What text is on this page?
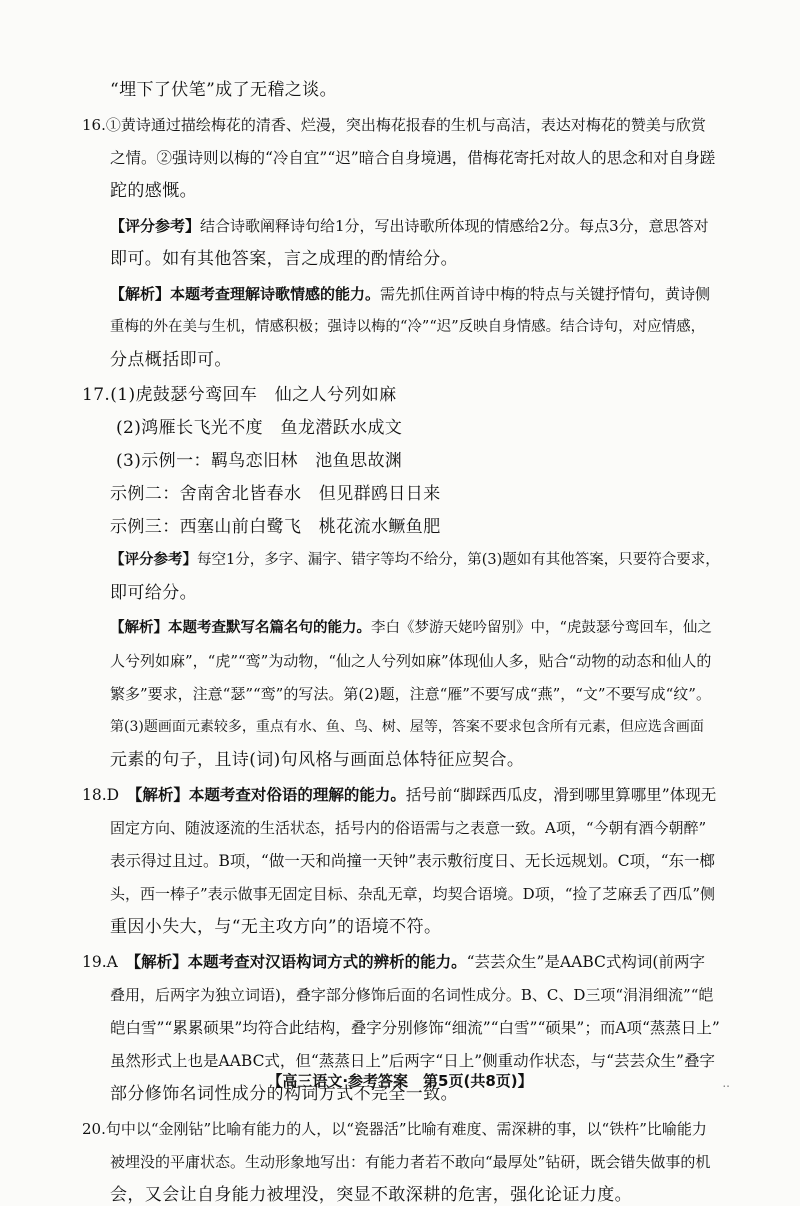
“埋下了伏笔”成了无稽之谈。

16.①黄诗通过描绘梅花的清香、烂漫，突出梅花报春的生机与高洁，表达对梅花的赞美与欣赏

之情。②强诗则以梅的“冷自宜”“迟”暗合自身境遇，借梅花寄托对故人的思念和对自身蹉

跎的感慨。

【评分参考】结合诗歌阐释诗句给1分，写出诗歌所体现的情感给2分。每点3分，意思答对

即可。如有其他答案，言之成理的酌情给分。

【解析】本题考查理解诗歌情感的能力。需先抓住两首诗中梅的特点与关键抒情句，黄诗侧

重梅的外在美与生机，情感积极；强诗以梅的“冷”“迟”反映自身情感。结合诗句，对应情感，

分点概括即可。

17.(1)虎鼓瑟兮鸾回车　仙之人兮列如麻

(2)鸿雁长飞光不度　鱼龙潜跃水成文

(3)示例一：羁鸟恋旧林　池鱼思故渊

示例二：舍南舍北皆春水　但见群鸥日日来

示例三：西塞山前白鹭飞　桃花流水鳜鱼肥

【评分参考】每空1分，多字、漏字、错字等均不给分，第(3)题如有其他答案，只要符合要求，

即可给分。

【解析】本题考查默写名篇名句的能力。李白《梦游天姥吟留别》中，“虎鼓瑟兮鸾回车，仙之

人兮列如麻”，“虎”“鸾”为动物，“仙之人兮列如麻”体现仙人多，贴合“动物的动态和仙人的

繁多”要求，注意“瑟”“鸾”的写法。第(2)题，注意“雁”不要写成“燕”，“文”不要写成“纹”。

第(3)题画面元素较多，重点有水、鱼、鸟、树、屋等，答案不要求包含所有元素，但应选含画面

元素的句子，且诗(词)句风格与画面总体特征应契合。

18.D　【解析】本题考查对俗语的理解的能力。括号前“脚踩西瓜皮，滑到哪里算哪里”体现无

固定方向、随波逐流的生活状态，括号内的俗语需与之表意一致。A项，“今朝有酒今朝醉”

表示得过且过。B项，“做一天和尚撞一天钟”表示敷衍度日、无长远规划。C项，“东一榔

头，西一棒子”表示做事无固定目标、杂乱无章，均契合语境。D项，“捡了芝麻丢了西瓜”侧

重因小失大，与“无主攻方向”的语境不符。

19.A　【解析】本题考查对汉语构词方式的辨析的能力。“芸芸众生”是AABC式构词(前两字

叠用，后两字为独立词语)，叠字部分修饰后面的名词性成分。B、C、D三项“涓涓细流”“皑

皑白雪”“累累硕果”均符合此结构，叠字分别修饰“细流”“白雪”“硕果”；而A项“蒸蒸日上”

虽然形式上也是AABC式，但“蒸蒸日上”后两字“日上”侧重动作状态，与“芸芸众生”叠字

部分修饰名词性成分的构词方式不完全一致。

20.句中以“金刚钻”比喻有能力的人，以“瓷器活”比喻有难度、需深耕的事，以“铁杵”比喻能力

被埋没的平庸状态。生动形象地写出：有能力者若不敢向“最厚处”钻研，既会错失做事的机

会，又会让自身能力被埋没，突显不敢深耕的危害，强化论证力度。

【高三语文·参考答案　第5页(共8页)】	..
